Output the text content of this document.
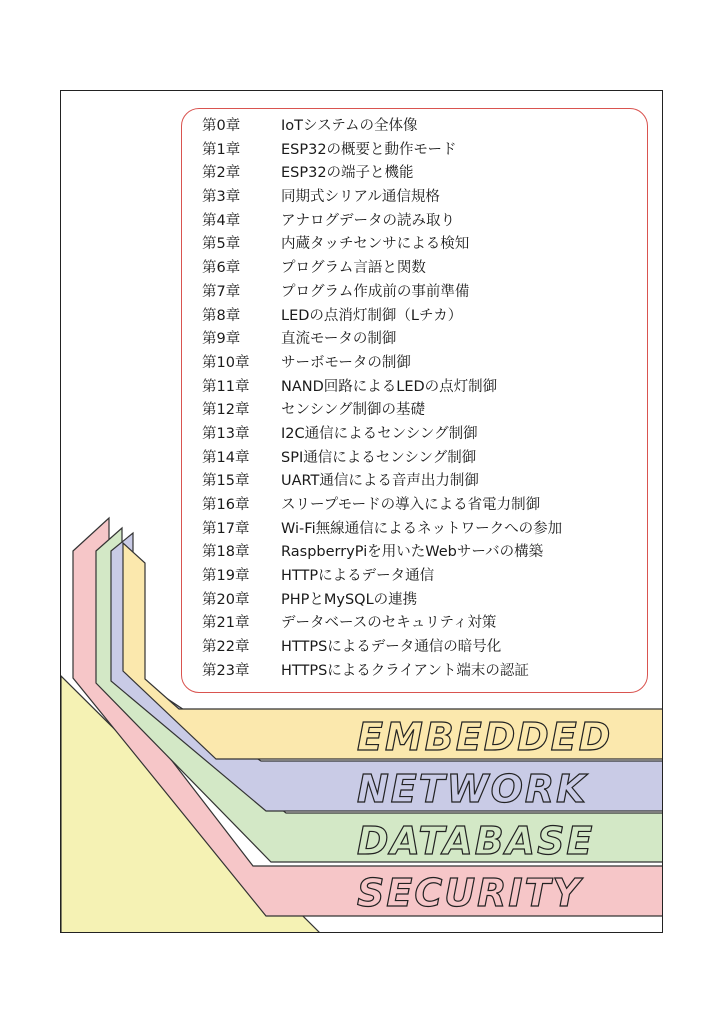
EMBEDDED
NETWORK
DATABASE
SECURITY
第0章	IoTシステムの全体像
第1章	ESP32の概要と動作モード
第2章	ESP32の端子と機能
第3章	同期式シリアル通信規格
第4章	アナログデータの読み取り
第5章	内蔵タッチセンサによる検知
第6章	プログラム言語と関数
第7章	プログラム作成前の事前準備
第8章	LEDの点消灯制御（Lチカ）
第9章	直流モータの制御
第10章 サーボモータの制御
第11章 NAND回路によるLEDの点灯制御
第12章 センシング制御の基礎
第13章 I2C通信によるセンシング制御
第14章 SPI通信によるセンシング制御
第15章 UART通信による音声出力制御
第16章 スリープモードの導入による省電力制御
第17章 Wi-Fi無線通信によるネットワークへの参加
第18章 RaspberryPiを用いたWebサーバの構築
第19章 HTTPによるデータ通信
第20章 PHPとMySQLの連携
第21章 データベースのセキュリティ対策
第22章 HTTPSによるデータ通信の暗号化
第23章 HTTPSによるクライアント端末の認証
